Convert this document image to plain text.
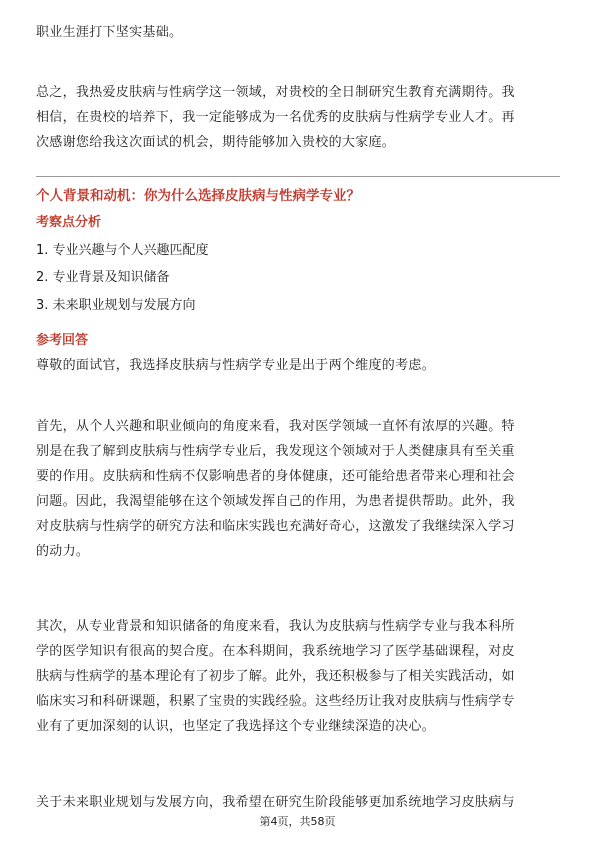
职业生涯打下坚实基础。
总之，我热爱皮肤病与性病学这一领域，对贵校的全日制研究生教育充满期待。我
相信，在贵校的培养下，我一定能够成为一名优秀的皮肤病与性病学专业人才。再
次感谢您给我这次面试的机会，期待能够加入贵校的大家庭。

个人背景和动机：你为什么选择皮肤病与性病学专业？

考察点分析

1. 专业兴趣与个人兴趣匹配度

2. 专业背景及知识储备

3. 未来职业规划与发展方向

参考回答

尊敬的面试官，我选择皮肤病与性病学专业是出于两个维度的考虑。
首先，从个人兴趣和职业倾向的角度来看，我对医学领域一直怀有浓厚的兴趣。特
别是在我了解到皮肤病与性病学专业后，我发现这个领域对于人类健康具有至关重
要的作用。皮肤病和性病不仅影响患者的身体健康，还可能给患者带来心理和社会
问题。因此，我渴望能够在这个领域发挥自己的作用，为患者提供帮助。此外，我
对皮肤病与性病学的研究方法和临床实践也充满好奇心，这激发了我继续深入学习
的动力。
其次，从专业背景和知识储备的角度来看，我认为皮肤病与性病学专业与我本科所
学的医学知识有很高的契合度。在本科期间，我系统地学习了医学基础课程，对皮
肤病与性病学的基本理论有了初步了解。此外，我还积极参与了相关实践活动，如
临床实习和科研课题，积累了宝贵的实践经验。这些经历让我对皮肤病与性病学专
业有了更加深刻的认识，也坚定了我选择这个专业继续深造的决心。
关于未来职业规划与发展方向，我希望在研究生阶段能够更加系统地学习皮肤病与
第4页，共58页
